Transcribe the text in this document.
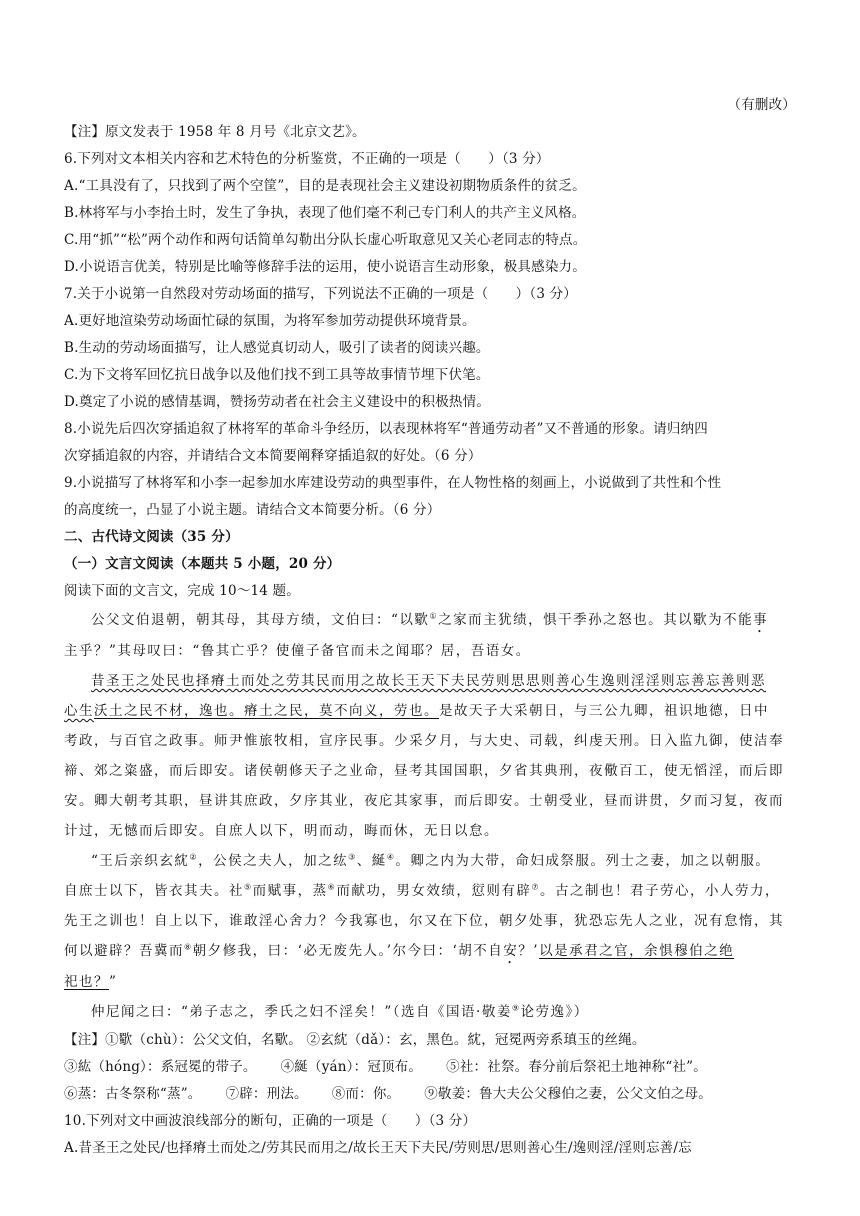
（有删改）
【注】原文发表于 1958 年 8 月号《北京文艺》。
6.下列对文本相关内容和艺术特色的分析鉴赏，不正确的一项是（　　）（3 分）
A.“工具没有了，只找到了两个空筐”，目的是表现社会主义建设初期物质条件的贫乏。
B.林将军与小李抬土时，发生了争执，表现了他们毫不利己专门利人的共产主义风格。
C.用“抓”“松”两个动作和两句话简单勾勒出分队长虚心听取意见又关心老同志的特点。
D.小说语言优美，特别是比喻等修辞手法的运用，使小说语言生动形象，极具感染力。
7.关于小说第一自然段对劳动场面的描写，下列说法不正确的一项是（　　）（3 分）
A.更好地渲染劳动场面忙碌的氛围，为将军参加劳动提供环境背景。
B.生动的劳动场面描写，让人感觉真切动人，吸引了读者的阅读兴趣。
C.为下文将军回忆抗日战争以及他们找不到工具等故事情节埋下伏笔。
D.奠定了小说的感情基调，赞扬劳动者在社会主义建设中的积极热情。
8.小说先后四次穿插追叙了林将军的革命斗争经历，以表现林将军“普通劳动者”又不普通的形象。请归纳四
次穿插追叙的内容，并请结合文本简要阐释穿插追叙的好处。（6 分）
9.小说描写了林将军和小李一起参加水库建设劳动的典型事件，在人物性格的刻画上，小说做到了共性和个性
的高度统一，凸显了小说主题。请结合文本简要分析。（6 分）
二、古代诗文阅读（35 分）
（一）文言文阅读（本题共 5 小题，20 分）
阅读下面的文言文，完成 10～14 题。
公父文伯退朝，朝其母，其母方绩，文伯曰：“以歜①之家而主犹绩，惧干季孙之怒也。其以歜为不能事
主乎？”其母叹曰：“鲁其亡乎？使僮子备官而未之闻耶？居，吾语女。
昔圣王之处民也择瘠土而处之劳其民而用之故长王天下夫民劳则思思则善心生逸则淫淫则忘善忘善则恶
心生沃土之民不材，逸也。瘠土之民，莫不向义，劳也。是故天子大采朝日，与三公九卿，祖识地德，日中
考政，与百官之政事。师尹惟旅牧相，宣序民事。少采夕月，与大史、司载，纠虔天刑。日入监九御，使洁奉
禘、郊之粢盛，而后即安。诸侯朝修天子之业命，昼考其国国职，夕省其典刑，夜儆百工，使无慆淫，而后即
安。卿大朝考其职，昼讲其庶政，夕序其业，夜庀其家事，而后即安。士朝受业，昼而讲贯，夕而习复，夜而
计过，无憾而后即安。自庶人以下，明而动，晦而休，无日以怠。
“王后亲织玄紞②，公侯之夫人，加之纮③、綖④。卿之内为大带，命妇成祭服。列士之妻，加之以朝服。
自庶士以下，皆衣其夫。社⑤而赋事，蒸⑥而献功，男女效绩，愆则有辟⑦。古之制也！君子劳心，小人劳力，
先王之训也！自上以下，谁敢淫心舍力？今我寡也，尔又在下位，朝夕处事，犹恐忘先人之业，况有怠惰，其
何以避辟？吾冀而⑧朝夕修我，曰：‘必无废先人。’尔今曰：‘胡不自安？’以是承君之官，余惧穆伯之绝
祀也？”
仲尼闻之曰：“弟子志之，季氏之妇不淫矣！”（选自《国语·敬姜⑨论劳逸》）
【注】①歜（chù）：公父文伯，名歜。 ②玄紞（dǎ）：玄，黑色。紞，冠冕两旁系瑱玉的丝绳。
③紘（hóng）：系冠冕的带子。 ④綖（yán）：冠顶布。 ⑤社：社祭。春分前后祭祀土地神称“社”。
⑥蒸：古冬祭称“蒸”。 ⑦辟：刑法。 ⑧而：你。 ⑨敬姜：鲁大夫公父穆伯之妻，公父文伯之母。
10.下列对文中画波浪线部分的断句，正确的一项是（　　）（3 分）
A.昔圣王之处民/也择瘠土而处之/劳其民而用之/故长王天下夫民/劳则思/思则善心生/逸则淫/淫则忘善/忘
